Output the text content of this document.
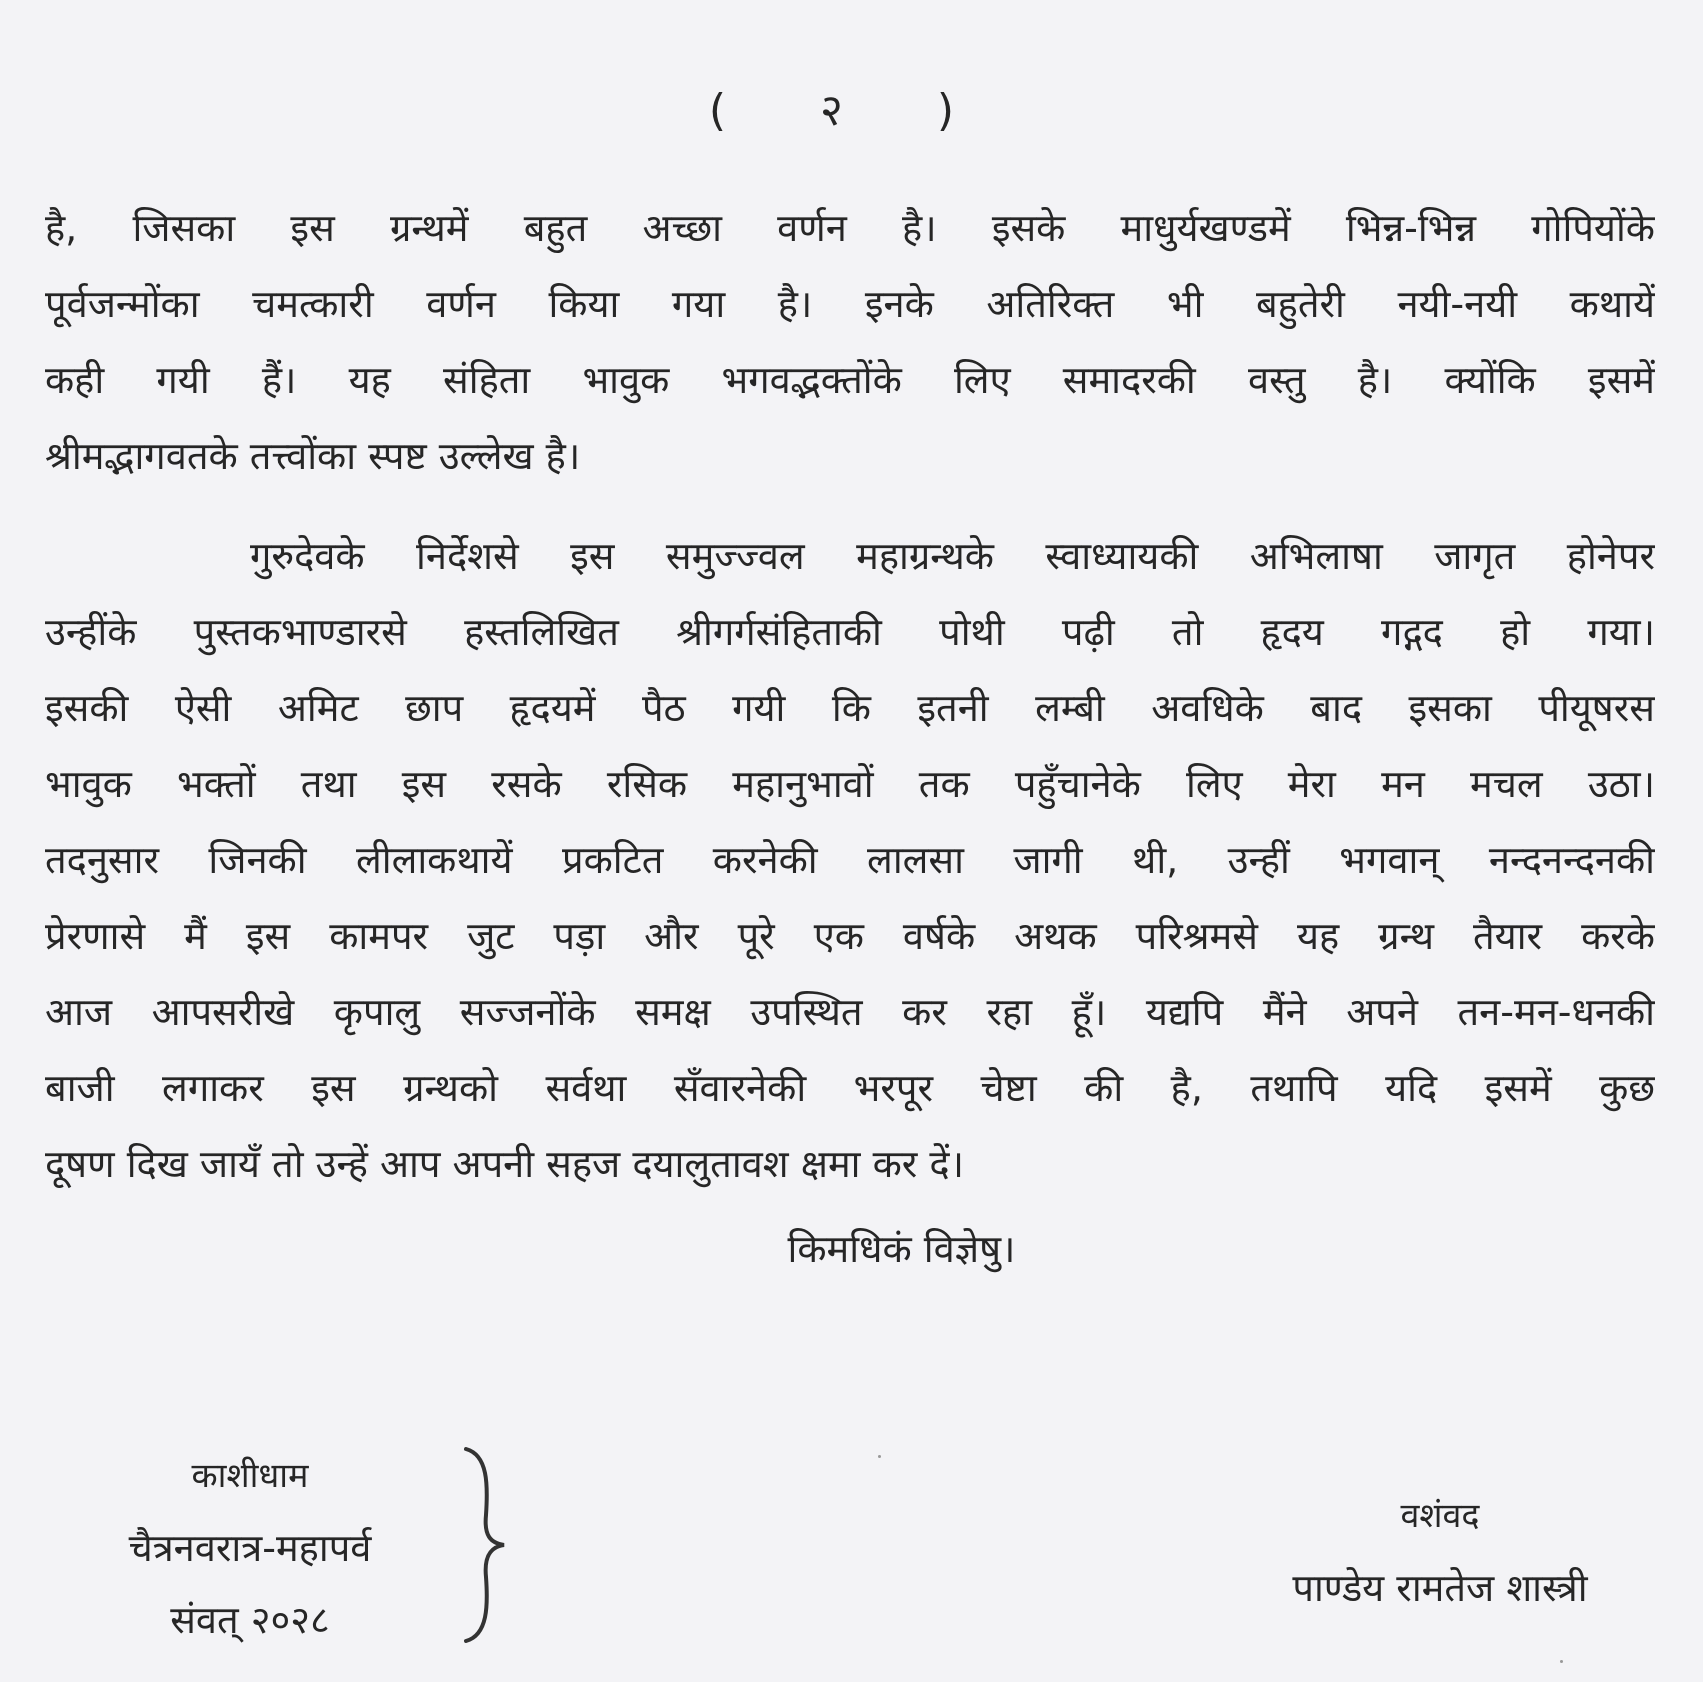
( २ )
है, जिसका इस ग्रन्थमें बहुत अच्छा वर्णन है। इसके माधुर्यखण्डमें भिन्न-भिन्न गोपियोंके
पूर्वजन्मोंका चमत्कारी वर्णन किया गया है। इनके अतिरिक्त भी बहुतेरी नयी-नयी कथायें
कही गयी हैं। यह संहिता भावुक भगवद्भक्तोंके लिए समादरकी वस्तु है। क्योंकि इसमें
श्रीमद्भागवतके तत्त्वोंका स्पष्ट उल्लेख है।
गुरुदेवके निर्देशसे इस समुज्ज्वल महाग्रन्थके स्वाध्यायकी अभिलाषा जागृत होनेपर
उन्हींके पुस्तकभाण्डारसे हस्तलिखित श्रीगर्गसंहिताकी पोथी पढ़ी तो हृदय गद्गद हो गया।
इसकी ऐसी अमिट छाप हृदयमें पैठ गयी कि इतनी लम्बी अवधिके बाद इसका पीयूषरस
भावुक भक्तों तथा इस रसके रसिक महानुभावों तक पहुँचानेके लिए मेरा मन मचल उठा।
तदनुसार जिनकी लीलाकथायें प्रकटित करनेकी लालसा जागी थी, उन्हीं भगवान् नन्दनन्दनकी
प्रेरणासे मैं इस कामपर जुट पड़ा और पूरे एक वर्षके अथक परिश्रमसे यह ग्रन्थ तैयार करके
आज आपसरीखे कृपालु सज्जनोंके समक्ष उपस्थित कर रहा हूँ। यद्यपि मैंने अपने तन-मन-धनकी
बाजी लगाकर इस ग्रन्थको सर्वथा सँवारनेकी भरपूर चेष्टा की है, तथापि यदि इसमें कुछ
दूषण दिख जायँ तो उन्हें आप अपनी सहज दयालुतावश क्षमा कर दें।
किमधिकं विज्ञेषु।
काशीधाम
चैत्रनवरात्र-महापर्व
संवत् २०२८
वशंवद
पाण्डेय रामतेज शास्त्री
